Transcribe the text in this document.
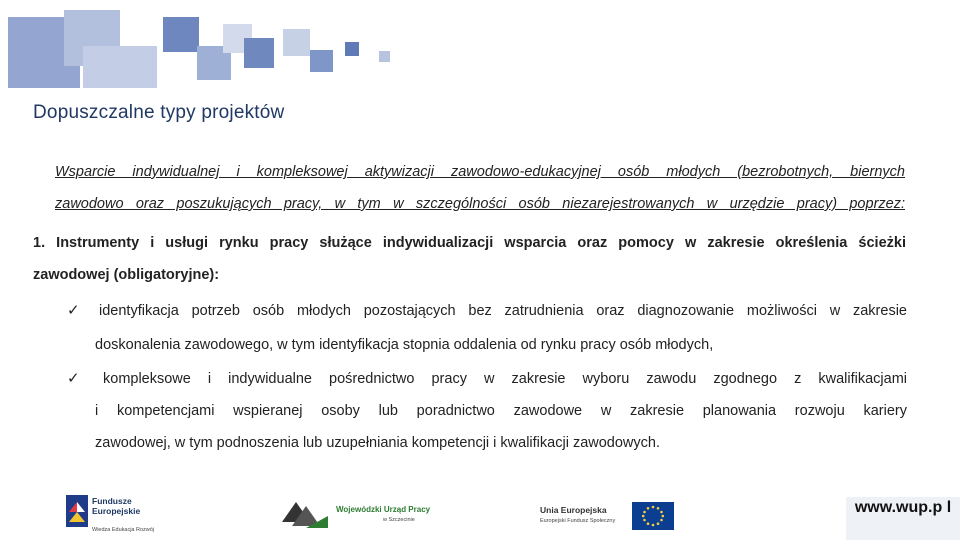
Dopuszczalne typy projektów
Wsparcie indywidualnej i kompleksowej aktywizacji zawodowo-edukacyjnej osób młodych (bezrobotnych, biernych
zawodowo oraz poszukujących pracy, w tym w szczególności osób niezarejestrowanych w urzędzie pracy) poprzez:
1. Instrumenty i usługi rynku pracy służące indywidualizacji wsparcia oraz pomocy w zakresie określenia ścieżki
zawodowej (obligatoryjne):
✓ identyfikacja potrzeb osób młodych pozostających bez zatrudnienia oraz diagnozowanie możliwości w zakresie
doskonalenia zawodowego, w tym identyfikacja stopnia oddalenia od rynku pracy osób młodych,
✓	kompleksowe i indywidualne pośrednictwo pracy w zakresie wyboru zawodu zgodnego z kwalifikacjami
i kompetencjami wspieranej osoby lub poradnictwo zawodowe w zakresie planowania rozwoju kariery
zawodowej, w tym podnoszenia lub uzupełniania kompetencji i kwalifikacji zawodowych.
Fundusze
Europejskie
Wiedza Edukacja Rozwój
Wojewódzki Urząd Pracy
w Szczecinie
Unia Europejska
Europejski Fundusz Społeczny
www.wup.p l
